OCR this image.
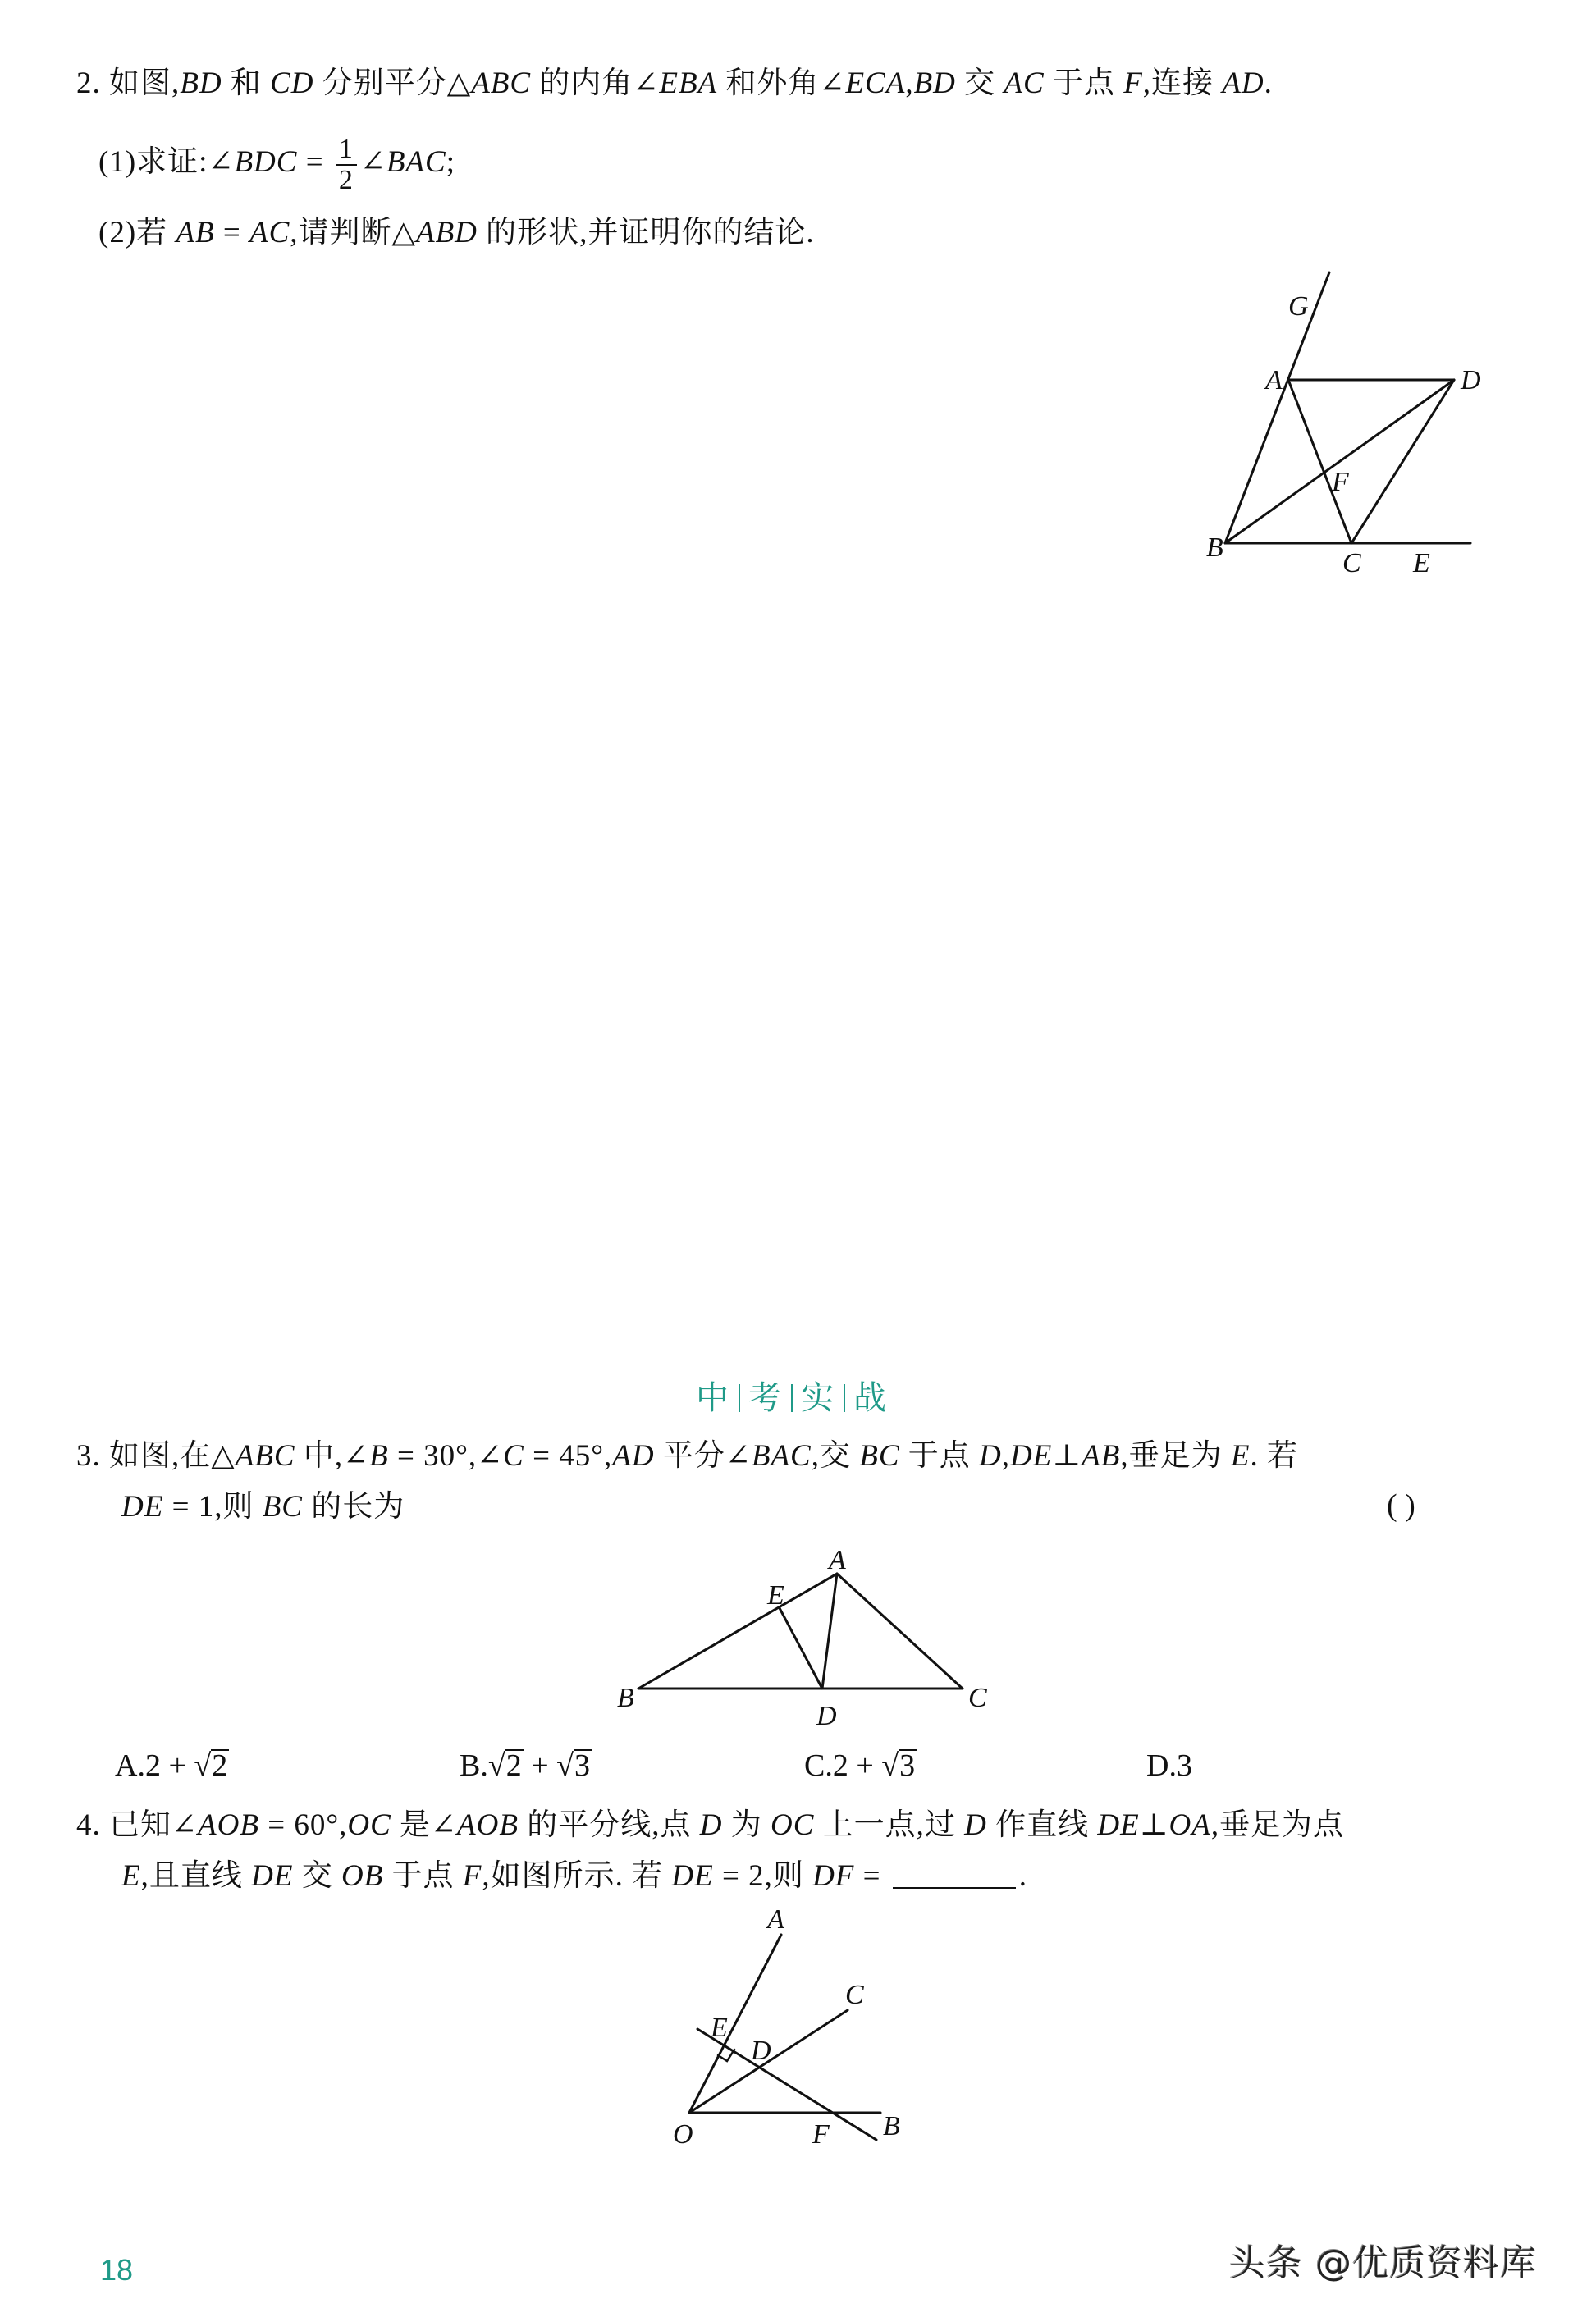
2. 如图,BD 和 CD 分别平分△ABC 的内角∠EBA 和外角∠ECA,BD 交 AC 于点 F,连接 AD.
(1)求证:∠BDC = $\frac{1}{2}$ ∠BAC;
(2)若 AB = AC,请判断△ABD 的形状,并证明你的结论.
G
A	D
F
B
C E
中 考 实 战
3. 如图,在△ABC 中,∠B = 30°,∠C = 45°,AD 平分∠BAC,交 BC 于点 D,DE⊥AB,垂足为 E. 若
DE = 1,则 BC 的长为	( )
A
E
B
D
C
A.2 + √2	B.√2 + √3	C.2 + √3	D.3
4. 已知∠AOB = 60°,OC 是∠AOB 的平分线,点 D 为 OC 上一点,过 D 作直线 DE⊥OA,垂足为点
E,且直线 DE 交 OB 于点 F,如图所示. 若 DE = 2,则 DF =	.
A
C
E
D
O	F B
18	头条 @优质资料库
